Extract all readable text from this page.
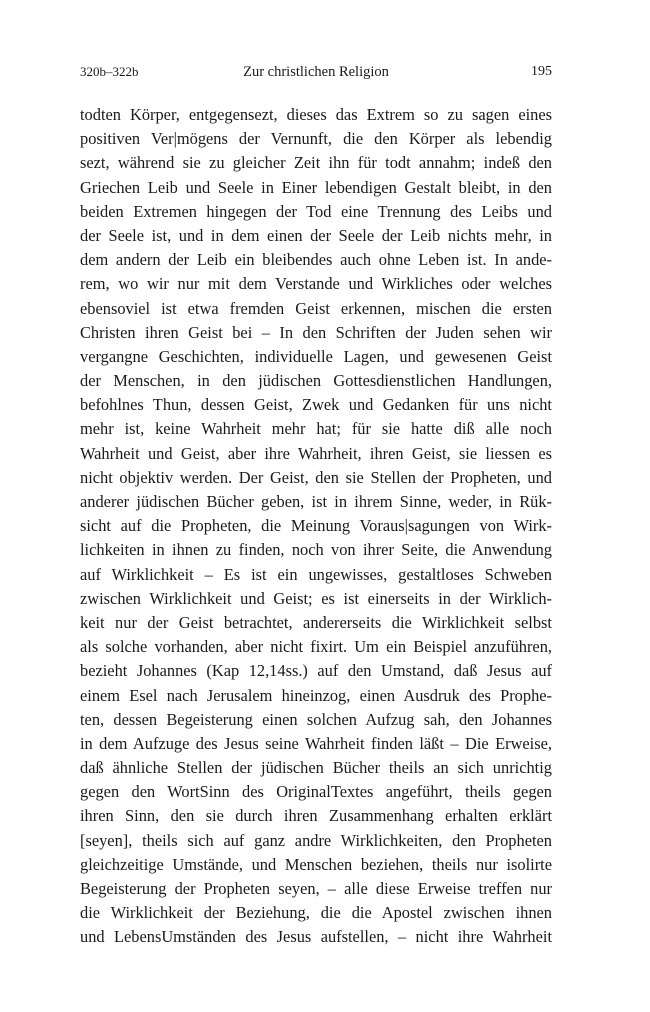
320b–322b	Zur christlichen Religion	195
todten Körper, entgegensezt, dieses das Extrem so zu sagen eines
positiven Ver|mögens der Vernunft, die den Körper als lebendig
sezt, während sie zu gleicher Zeit ihn für todt annahm; indeß den
Griechen Leib und Seele in Einer lebendigen Gestalt bleibt, in den
beiden Extremen hingegen der Tod eine Trennung des Leibs und
der Seele ist, und in dem einen der Seele der Leib nichts mehr, in
dem andern der Leib ein bleibendes auch ohne Leben ist. In ande-
rem, wo wir nur mit dem Verstande und Wirkliches oder welches
ebensoviel ist etwa fremden Geist erkennen, mischen die ersten
Christen ihren Geist bei – In den Schriften der Juden sehen wir
vergangne Geschichten, individuelle Lagen, und gewesenen Geist
der Menschen, in den jüdischen Gottesdienstlichen Handlungen,
befohlnes Thun, dessen Geist, Zwek und Gedanken für uns nicht
mehr ist, keine Wahrheit mehr hat; für sie hatte diß alle noch
Wahrheit und Geist, aber ihre Wahrheit, ihren Geist, sie liessen es
nicht objektiv werden. Der Geist, den sie Stellen der Propheten, und
anderer jüdischen Bücher geben, ist in ihrem Sinne, weder, in Rük-
sicht auf die Propheten, die Meinung Voraus|sagungen von Wirk-
lichkeiten in ihnen zu finden, noch von ihrer Seite, die Anwendung
auf Wirklichkeit – Es ist ein ungewisses, gestaltloses Schweben
zwischen Wirklichkeit und Geist; es ist einerseits in der Wirklich-
keit nur der Geist betrachtet, andererseits die Wirklichkeit selbst
als solche vorhanden, aber nicht fixirt. Um ein Beispiel anzuführen,
bezieht Johannes (Kap 12,14ss.) auf den Umstand, daß Jesus auf
einem Esel nach Jerusalem hineinzog, einen Ausdruk des Prophe-
ten, dessen Begeisterung einen solchen Aufzug sah, den Johannes
in dem Aufzuge des Jesus seine Wahrheit finden läßt – Die Erweise,
daß ähnliche Stellen der jüdischen Bücher theils an sich unrichtig
gegen den WortSinn des OriginalTextes angeführt, theils gegen
ihren Sinn, den sie durch ihren Zusammenhang erhalten erklärt
[seyen], theils sich auf ganz andre Wirklichkeiten, den Propheten
gleichzeitige Umstände, und Menschen beziehen, theils nur isolirte
Begeisterung der Propheten seyen, – alle diese Erweise treffen nur
die Wirklichkeit der Beziehung, die die Apostel zwischen ihnen
und LebensUmständen des Jesus aufstellen, – nicht ihre Wahrheit
